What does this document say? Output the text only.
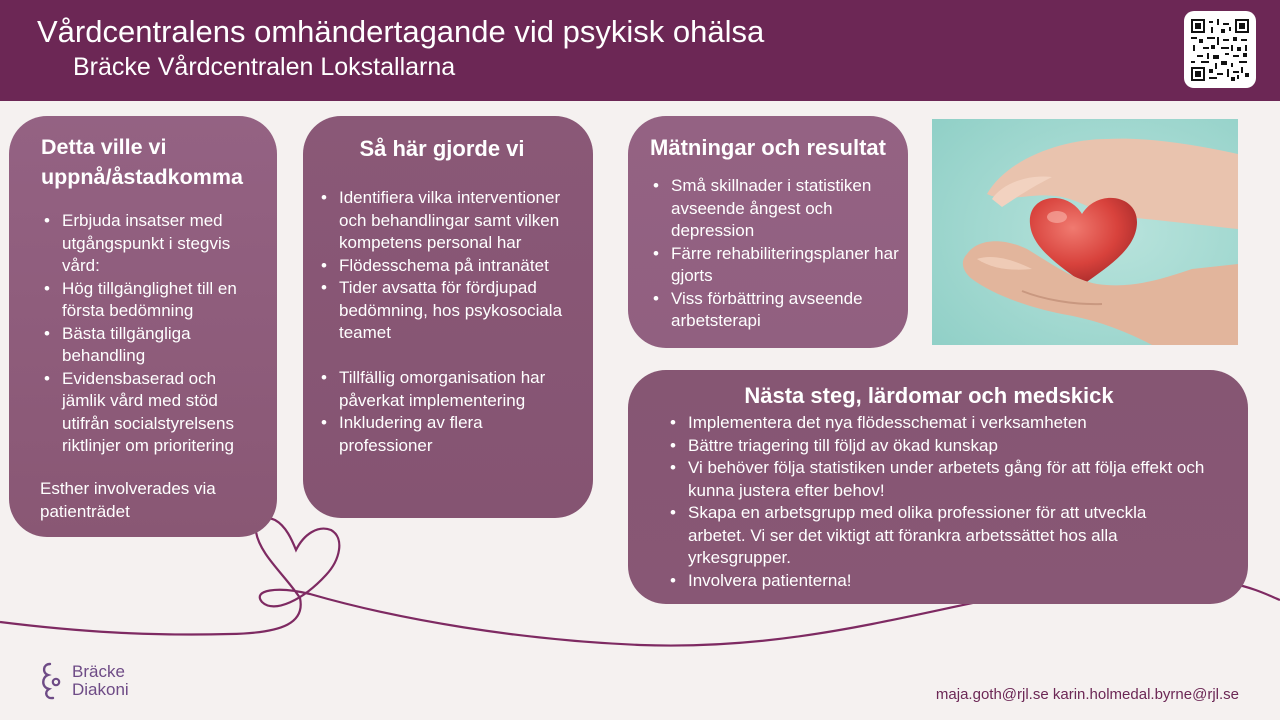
Vårdcentralens omhändertagande vid psykisk ohälsa
Bräcke Vårdcentralen Lokstallarna
Detta ville vi
uppnå/åstadkomma
• Erbjuda insatser med utgångspunkt i stegvis vård:
• Hög tillgänglighet till en första bedömning
• Bästa tillgängliga behandling
• Evidensbaserad och jämlik vård med stöd utifrån socialstyrelsens riktlinjer om prioritering

Esther involverades via patienträdet

Så här gjorde vi
• Identifiera vilka interventioner och behandlingar samt vilken kompetens personal har
• Flödesschema på intranätet
• Tider avsatta för fördjupad bedömning, hos psykosociala teamet
• Tillfällig omorganisation har påverkat implementering
• Inkludering av flera professioner
Mätningar och resultat
• Små skillnader i statistiken avseende ångest och depression
• Färre rehabiliteringsplaner har gjorts
• Viss förbättring avseende arbetsterapi
Nästa steg, lärdomar och medskick
• Implementera det nya flödesschemat i verksamheten
• Bättre triagering till följd av ökad kunskap
• Vi behöver följa statistiken under arbetets gång för att följa effekt och kunna justera efter behov!
• Skapa en arbetsgrupp med olika professioner för att utveckla arbetet. Vi ser det viktigt att förankra arbetssättet hos alla yrkesgrupper.
• Involvera patienterna!
Bräcke
Diakoni	maja.goth@rjl.se karin.holmedal.byrne@rjl.se
